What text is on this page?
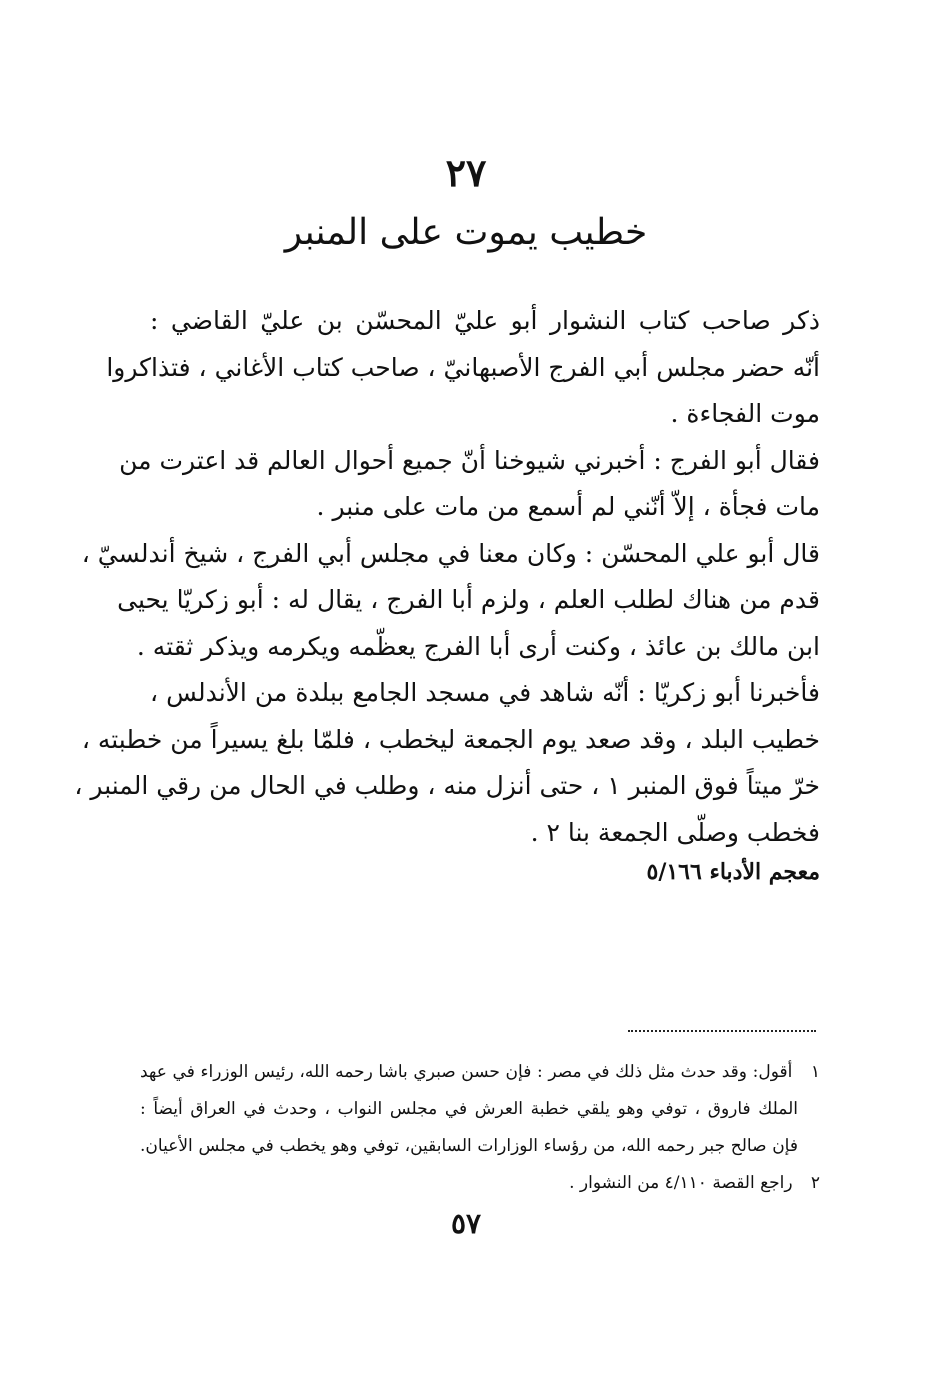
٢٧
خطيب يموت على المنبر
ذكر صاحب كتاب النشوار أبو عليّ المحسّن بن عليّ القاضي :
أنّه حضر مجلس أبي الفرج الأصبهانيّ ، صاحب كتاب الأغاني ، فتذاكروا
موت الفجاءة .
فقال أبو الفرج : أخبرني شيوخنا أنّ جميع أحوال العالم قد اعترت من
مات فجأة ، إلاّ أنّني لم أسمع من مات على منبر .
قال أبو علي المحسّن : وكان معنا في مجلس أبي الفرج ، شيخ أندلسيّ ،
قدم من هناك لطلب العلم ، ولزم أبا الفرج ، يقال له : أبو زكريّا يحيى
ابن مالك بن عائذ ، وكنت أرى أبا الفرج يعظّمه ويكرمه ويذكر ثقته .
فأخبرنا أبو زكريّا : أنّه شاهد في مسجد الجامع ببلدة من الأندلس ،
خطيب البلد ، وقد صعد يوم الجمعة ليخطب ، فلمّا بلغ يسيراً من خطبته ،
خرّ ميتاً فوق المنبر ١ ، حتى أنزل منه ، وطلب في الحال من رقي المنبر ،
فخطب وصلّى الجمعة بنا ٢ .
معجم الأدباء ٥/١٦٦
١ أقول: وقد حدث مثل ذلك في مصر : فإن حسن صبري باشا رحمه الله، رئيس الوزراء في عهد
الملك فاروق ، توفي وهو يلقي خطبة العرش في مجلس النواب ، وحدث في العراق أيضاً :
فإن صالح جبر رحمه الله، من رؤساء الوزارات السابقين، توفي وهو يخطب في مجلس الأعيان.
٢ راجع القصة ٤/١١٠ من النشوار .
٥٧
